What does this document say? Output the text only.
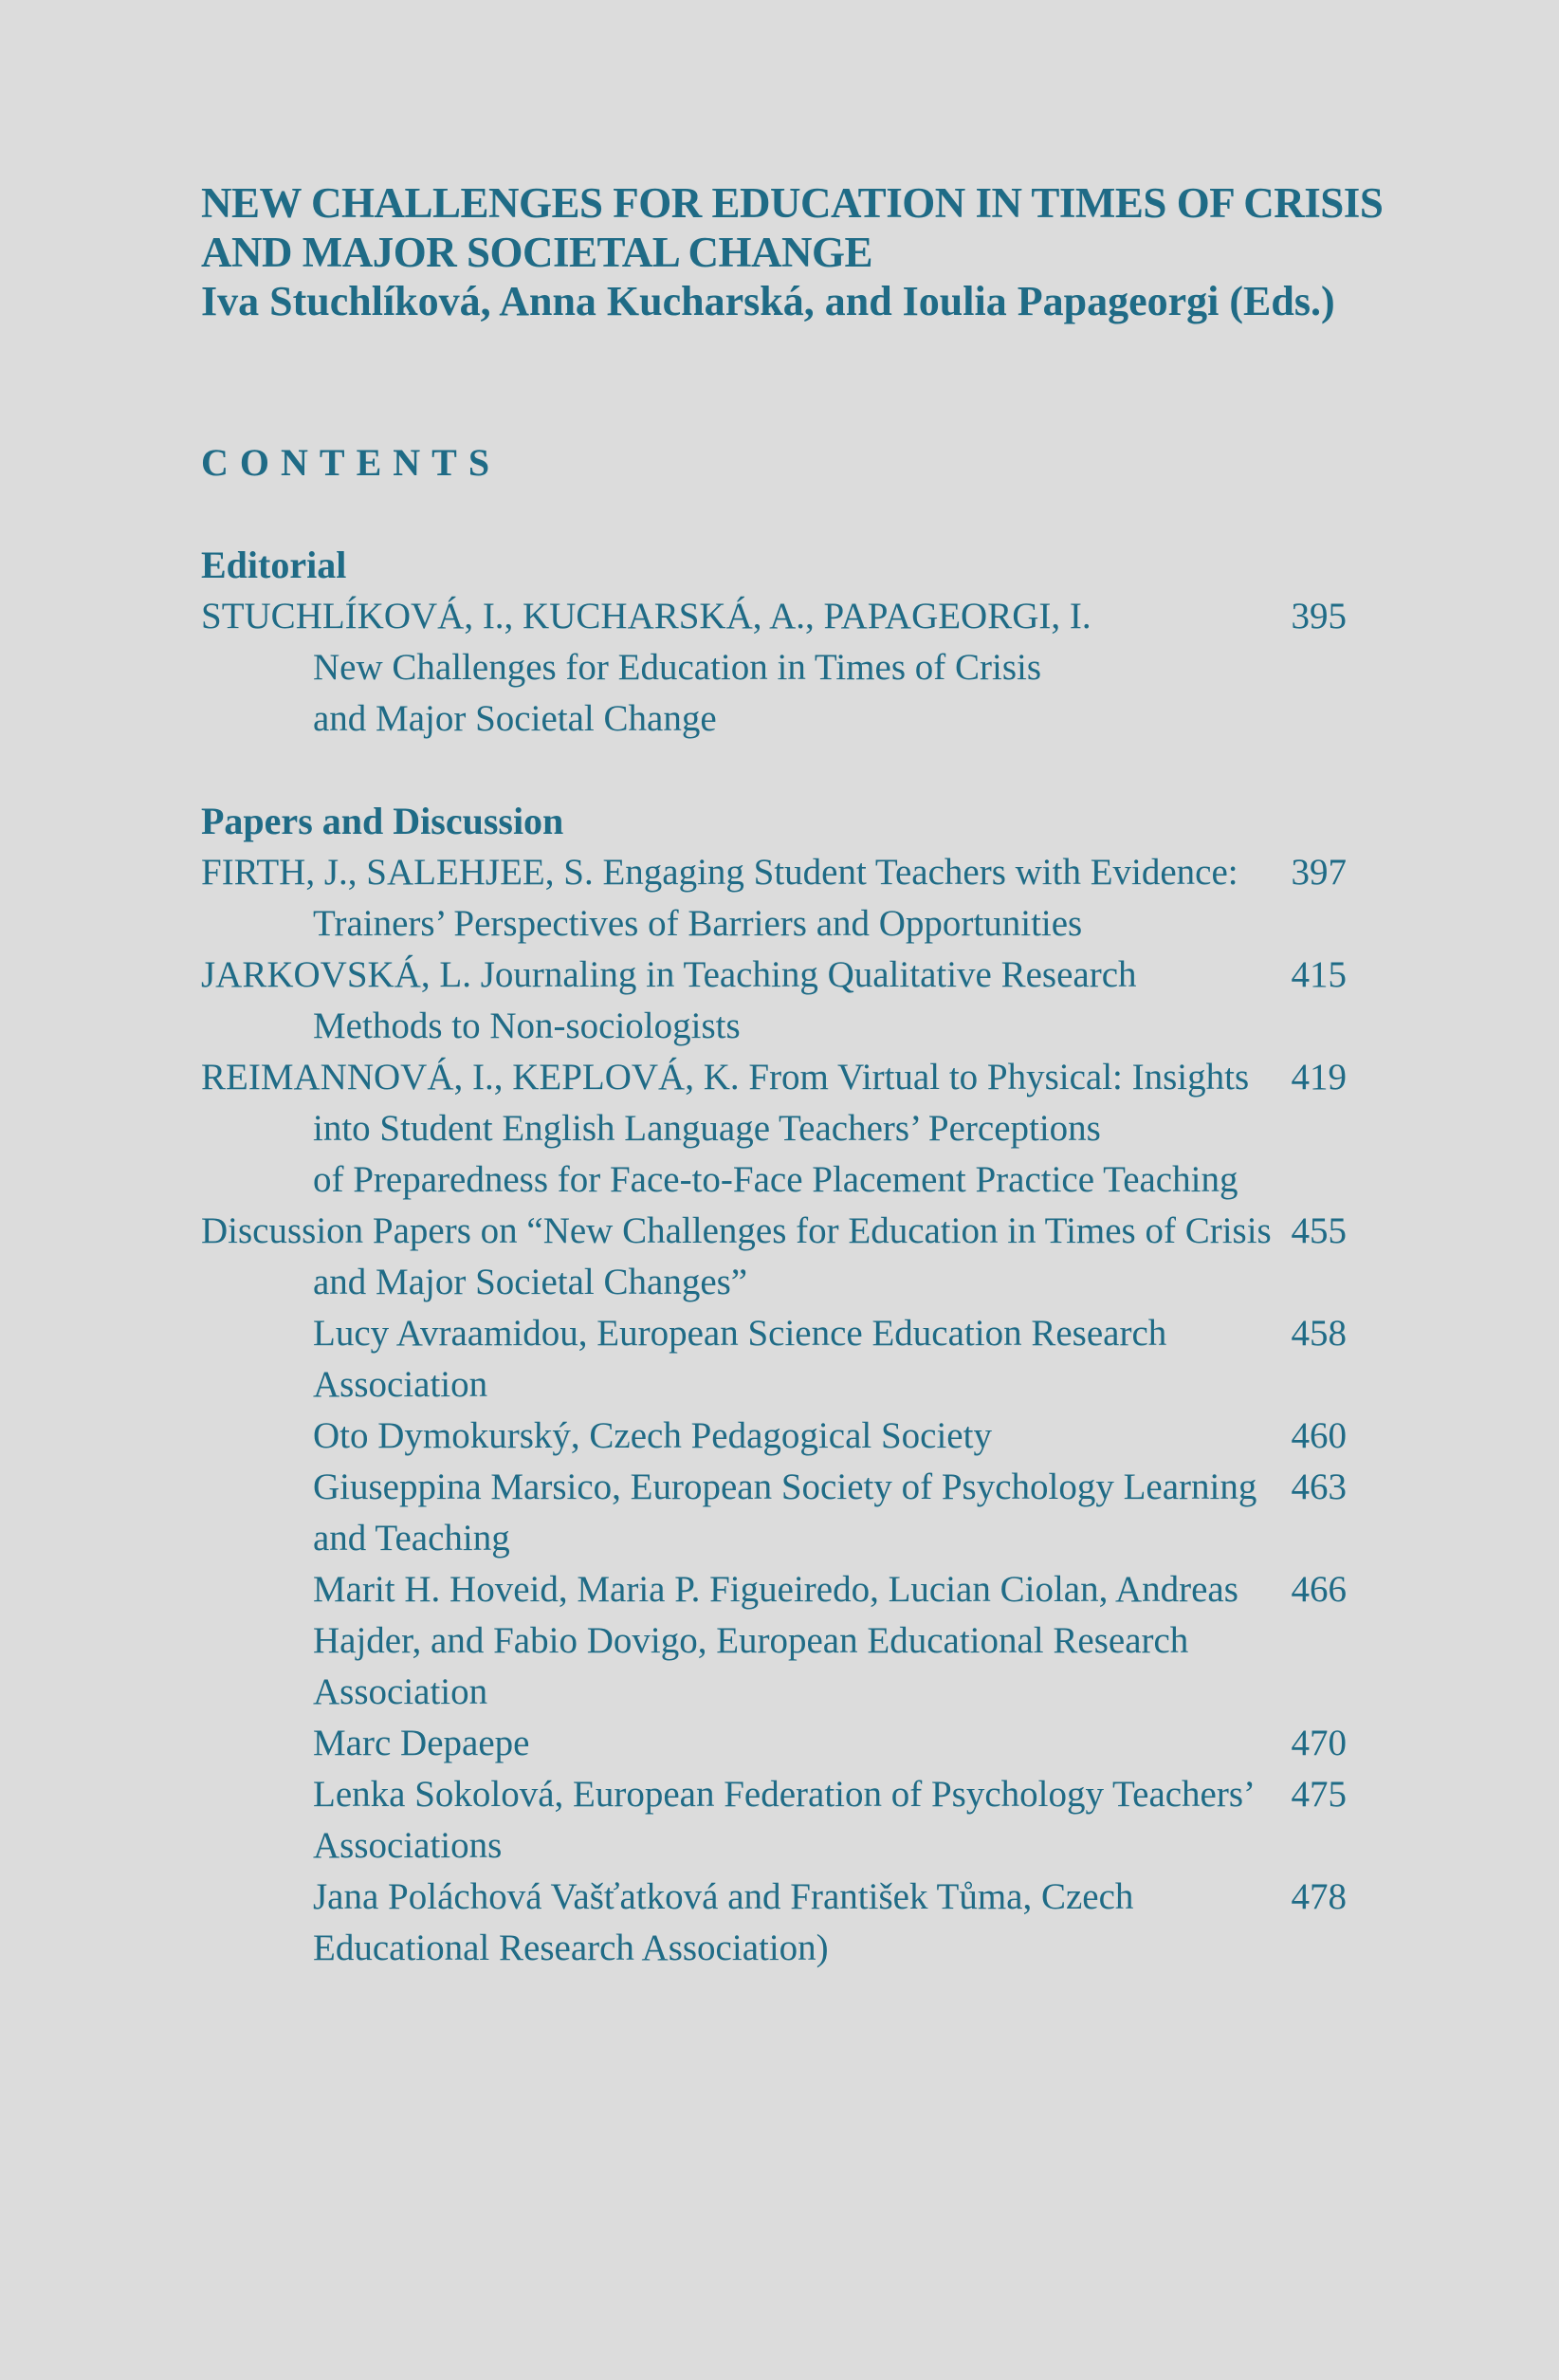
NEW CHALLENGES FOR EDUCATION IN TIMES OF CRISIS
AND MAJOR SOCIETAL CHANGE
Iva Stuchlíková, Anna Kucharská, and Ioulia Papageorgi (Eds.)
CONTENTS
Editorial
STUCHLÍKOVÁ, I., KUCHARSKÁ, A., PAPAGEORGI, I.
New Challenges for Education in Times of Crisis
and Major Societal Change
395
Papers and Discussion
FIRTH, J., SALEHJEE, S. Engaging Student Teachers with Evidence:
Trainers’ Perspectives of Barriers and Opportunities
397
JARKOVSKÁ, L. Journaling in Teaching Qualitative Research
Methods to Non-sociologists
415
REIMANNOVÁ, I., KEPLOVÁ, K. From Virtual to Physical: Insights
into Student English Language Teachers’ Perceptions
of Preparedness for Face-to-Face Placement Practice Teaching
419
Discussion Papers on “New Challenges for Education in Times of Crisis
and Major Societal Changes”
455
Lucy Avraamidou, European Science Education Research
Association
458
Oto Dymokurský, Czech Pedagogical Society	460
Giuseppina Marsico, European Society of Psychology Learning
and Teaching
463
Marit H. Hoveid, Maria P. Figueiredo, Lucian Ciolan, Andreas
Hajder, and Fabio Dovigo, European Educational Research
Association
466
Marc Depaepe	470
Lenka Sokolová, European Federation of Psychology Teachers’
Associations
475
Jana Poláchová Vašťatková and František Tůma, Czech
Educational Research Association)
478
